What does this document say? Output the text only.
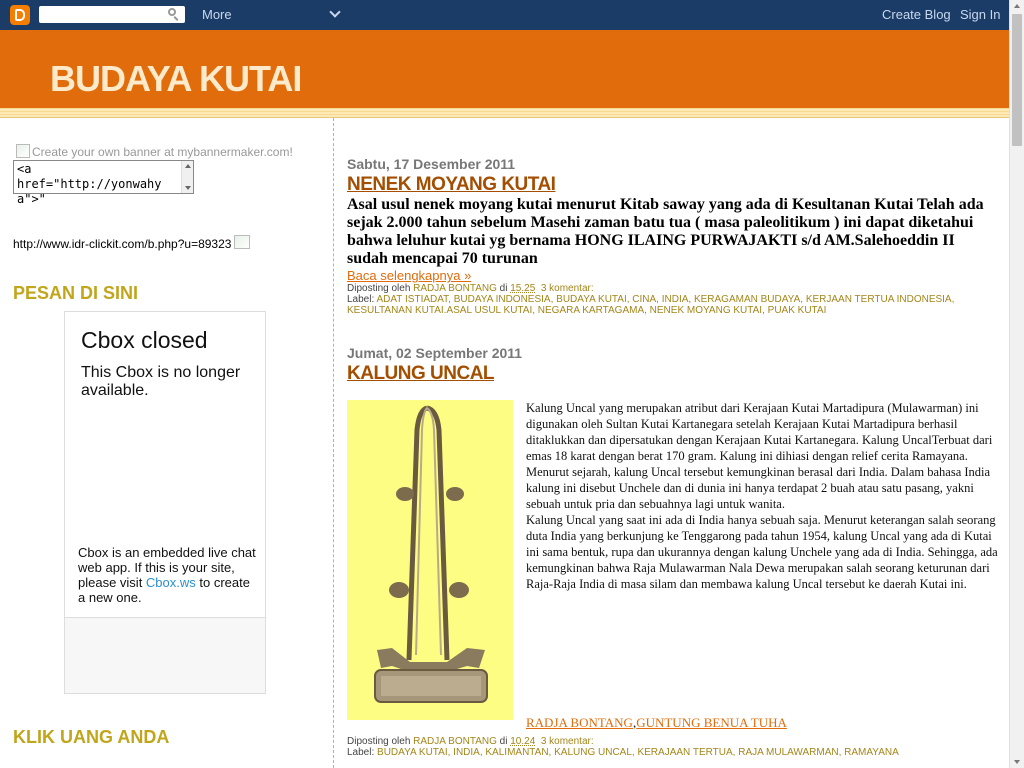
More	Create Blog Sign In
BUDAYA KUTAI
Create your own banner at mybannermaker.com!
<a
href="http://yonwahy
a">"

http://www.idr-clickit.com/b.php?u=89323
PESAN DI SINI
Cbox closed
This Cbox is no longer available.
Cbox is an embedded live chat web app. If this is your site, please visit Cbox.ws to create a new one.
KLIK UANG ANDA
Sabtu, 17 Desember 2011
NENEK MOYANG KUTAI
Asal usul nenek moyang kutai menurut Kitab saway yang ada di Kesultanan Kutai Telah ada sejak 2.000 tahun sebelum Masehi zaman batu tua ( masa paleolitikum ) ini dapat diketahui bahwa leluhur kutai yg bernama HONG ILAING PURWAJAKTI s/d AM.Salehoeddin II sudah mencapai 70 turunan
Baca selengkapnya »
Diposting oleh RADJA BONTANG di 15.25 3 komentar:
Label: ADAT ISTIADAT, BUDAYA INDONESIA, BUDAYA KUTAI, CINA, INDIA, KERAGAMAN BUDAYA, KERJAAN TERTUA INDONESIA, KESULTANAN KUTAI.ASAL USUL KUTAI, NEGARA KARTAGAMA, NENEK MOYANG KUTAI, PUAK KUTAI
Jumat, 02 September 2011
KALUNG UNCAL
Kalung Uncal yang merupakan atribut dari Kerajaan Kutai Martadipura (Mulawarman) ini digunakan oleh Sultan Kutai Kartanegara setelah Kerajaan Kutai Martadipura berhasil ditaklukkan dan dipersatukan dengan Kerajaan Kutai Kartanegara. Kalung UncalTerbuat dari emas 18 karat dengan berat 170 gram. Kalung ini dihiasi dengan relief cerita Ramayana.
Menurut sejarah, kalung Uncal tersebut kemungkinan berasal dari India. Dalam bahasa India kalung ini disebut Unchele dan di dunia ini hanya terdapat 2 buah atau satu pasang, yakni sebuah untuk pria dan sebuahnya lagi untuk wanita.
Kalung Uncal yang saat ini ada di India hanya sebuah saja. Menurut keterangan salah seorang duta India yang berkunjung ke Tenggarong pada tahun 1954, kalung Uncal yang ada di Kutai ini sama bentuk, rupa dan ukurannya dengan kalung Unchele yang ada di India. Sehingga, ada kemungkinan bahwa Raja Mulawarman Nala Dewa merupakan salah seorang keturunan dari Raja-Raja India di masa silam dan membawa kalung Uncal tersebut ke daerah Kutai ini.
RADJA BONTANG,GUNTUNG BENUA TUHA
Diposting oleh RADJA BONTANG di 10.24 3 komentar:
Label: BUDAYA KUTAI, INDIA, KALIMANTAN, KALUNG UNCAL, KERAJAAN TERTUA, RAJA MULAWARMAN, RAMAYANA
